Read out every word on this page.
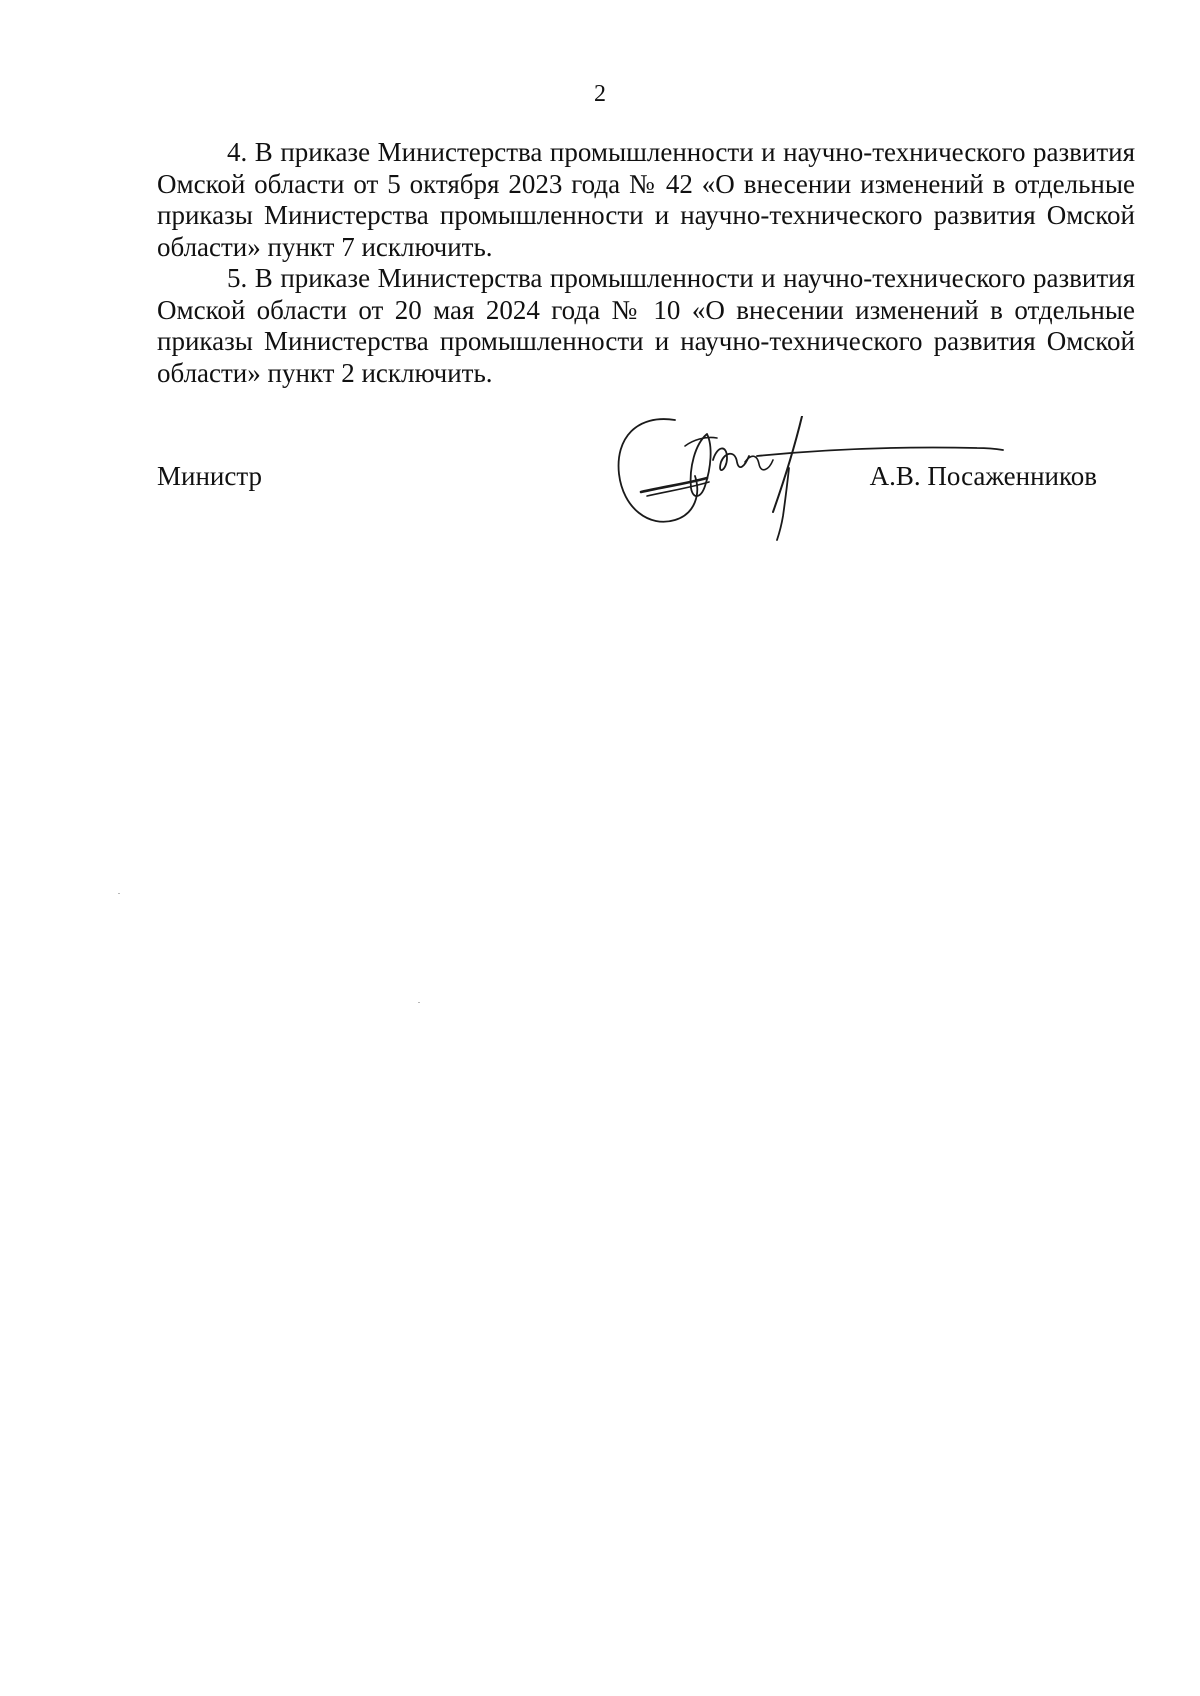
2

4. В приказе Министерства промышленности и научно-технического развития Омской области от 5 октября 2023 года № 42 «О внесении изменений в отдельные приказы Министерства промышленности и научно-технического развития Омской области» пункт 7 исключить.

5. В приказе Министерства промышленности и научно-технического развития Омской области от 20 мая 2024 года № 10 «О внесении изменений в отдельные приказы Министерства промышленности и научно-технического развития Омской области» пункт 2 исключить.

Министр	А.В. Посаженников
